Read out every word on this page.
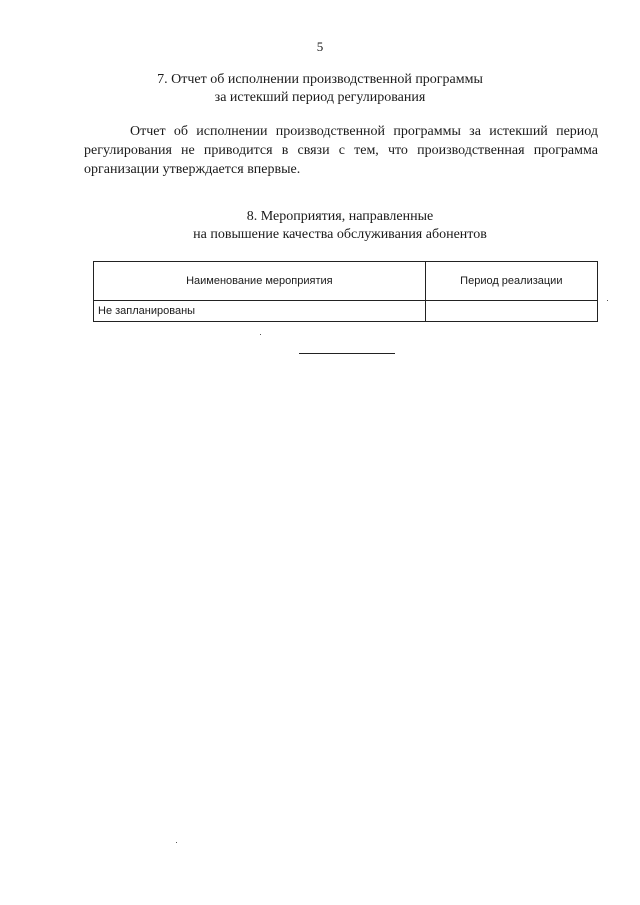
5
7. Отчет об исполнении производственной программы
за истекший период регулирования
Отчет об исполнении производственной программы за истекший период регулирования не приводится в связи с тем, что производственная программа организации утверждается впервые.
8. Мероприятия, направленные
на повышение качества обслуживания абонентов
Наименование мероприятия	Период реализации
Не запланированы	
